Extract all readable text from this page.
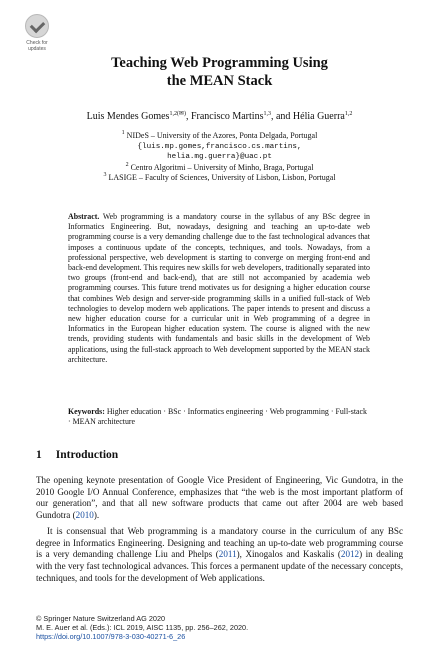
Check for
updates
Teaching Web Programming Using
the MEAN Stack
Luis Mendes Gomes$^{1,2(✉)}$, Francisco Martins$^{1,3}$, and Hélia Guerra$^{1,2}$
$^1$ NIDeS – University of the Azores, Ponta Delgada, Portugal
{luis.mp.gomes,francisco.cs.martins,
helia.mg.guerra}@uac.pt
$^2$ Centro Algoritmi – University of Minho, Braga, Portugal
$^3$ LASIGE – Faculty of Sciences, University of Lisbon, Lisbon, Portugal
Abstract. Web programming is a mandatory course in the syllabus of any BSc degree in Informatics Engineering. But, nowadays, designing and teaching an up-to-date web programming course is a very demanding challenge due to the fast technological advances that imposes a continuous update of the concepts, techniques, and tools. Nowadays, from a professional perspective, web development is starting to converge on merging front-end and back-end development. This requires new skills for web developers, traditionally separated into two groups (front-end and back-end), that are still not accompanied by academia web programming courses. This future trend motivates us for designing a higher education course that combines Web design and server-side programming skills in a unified full-stack of Web technologies to develop modern web applications. The paper intends to present and discuss a new higher education course for a curricular unit in Web programming of a degree in Informatics in the European higher education system. The course is aligned with the new trends, providing students with fundamentals and basic skills in the development of Web applications, using the full-stack approach to Web development supported by the MEAN stack architecture.
Keywords: Higher education · BSc · Informatics engineering · Web programming · Full-stack · MEAN architecture
1 Introduction

The opening keynote presentation of Google Vice President of Engineering, Vic Gundotra, in the 2010 Google I/O Annual Conference, emphasizes that “the web is the most important platform of our generation”, and that all new software products that came out after 2004 are web based Gundotra (2010).

It is consensual that Web programming is a mandatory course in the curriculum of any BSc degree in Informatics Engineering. Designing and teaching an up-to-date web programming course is a very demanding challenge Liu and Phelps (2011), Xinogalos and Kaskalis (2012) in dealing with the very fast technological advances. This forces a permanent update of the necessary concepts, techniques, and tools for the development of Web applications.

© Springer Nature Switzerland AG 2020
M. E. Auer et al. (Eds.): ICL 2019, AISC 1135, pp. 256–262, 2020.
https://doi.org/10.1007/978-3-030-40271-6_26
